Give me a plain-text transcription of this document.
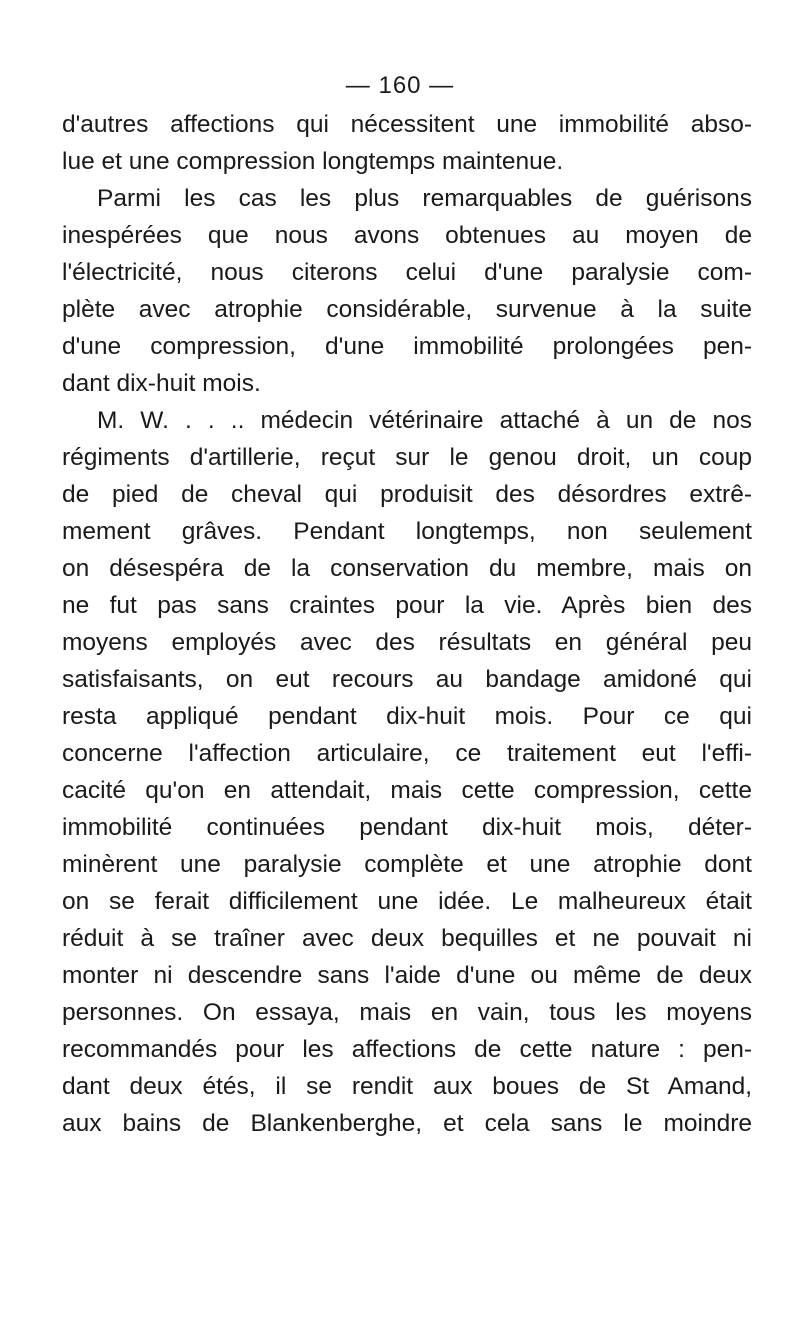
— 160 —
d'autres affections qui nécessitent une immobilité abso-
lue et une compression longtemps maintenue.
Parmi les cas les plus remarquables de guérisons
inespérées que nous avons obtenues au moyen de
l'électricité, nous citerons celui d'une paralysie com-
plète avec atrophie considérable, survenue à la suite
d'une compression, d'une immobilité prolongées pen-
dant dix-huit mois.
M. W. . . .. médecin vétérinaire attaché à un de nos
régiments d'artillerie, reçut sur le genou droit, un coup
de pied de cheval qui produisit des désordres extrê-
mement grâves. Pendant longtemps, non seulement
on désespéra de la conservation du membre, mais on
ne fut pas sans craintes pour la vie. Après bien des
moyens employés avec des résultats en général peu
satisfaisants, on eut recours au bandage amidoné qui
resta appliqué pendant dix-huit mois. Pour ce qui
concerne l'affection articulaire, ce traitement eut l'effi-
cacité qu'on en attendait, mais cette compression, cette
immobilité continuées pendant dix-huit mois, déter-
minèrent une paralysie complète et une atrophie dont
on se ferait difficilement une idée. Le malheureux était
réduit à se traîner avec deux bequilles et ne pouvait ni
monter ni descendre sans l'aide d'une ou même de deux
personnes. On essaya, mais en vain, tous les moyens
recommandés pour les affections de cette nature : pen-
dant deux étés, il se rendit aux boues de St Amand,
aux bains de Blankenberghe, et cela sans le moindre
